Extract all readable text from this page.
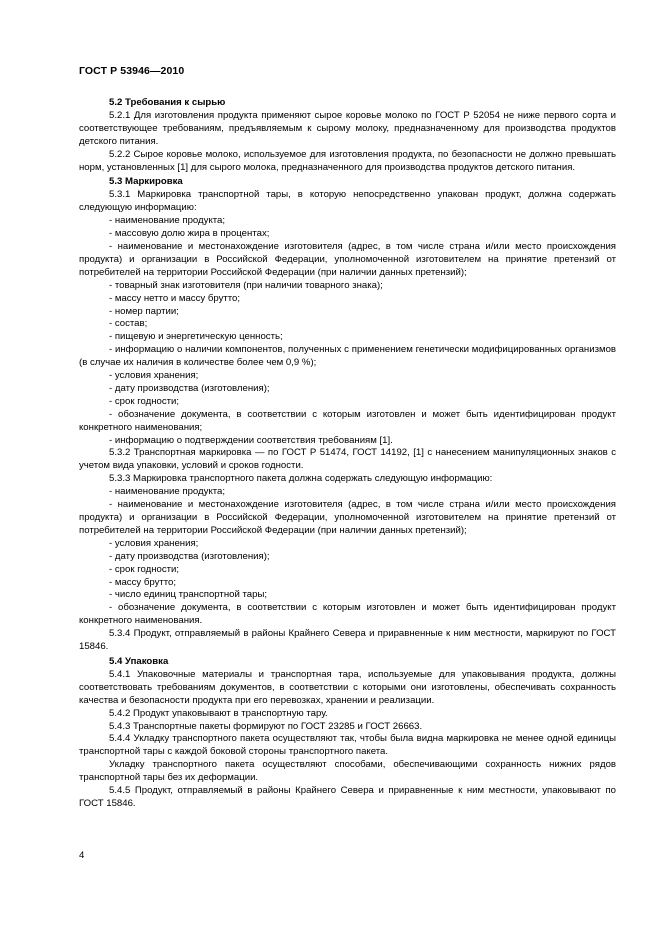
ГОСТ Р 53946—2010

5.2 Требования к сырью

5.2.1 Для изготовления продукта применяют сырое коровье молоко по ГОСТ Р 52054 не ниже первого сорта и соответствующее требованиям, предъявляемым к сырому молоку, предназначенному для производства продуктов детского питания.

5.2.2 Сырое коровье молоко, используемое для изготовления продукта, по безопасности не должно превышать норм, установленных [1] для сырого молока, предназначенного для производства продуктов детского питания.

5.3 Маркировка

5.3.1 Маркировка транспортной тары, в которую непосредственно упакован продукт, должна содержать следующую информацию:

- наименование продукта;

- массовую долю жира в процентах;

- наименование и местонахождение изготовителя (адрес, в том числе страна и/или место происхождения продукта) и организации в Российской Федерации, уполномоченной изготовителем на принятие претензий от потребителей на территории Российской Федерации (при наличии данных претензий);

- товарный знак изготовителя (при наличии товарного знака);

- массу нетто и массу брутто;

- номер партии;

- состав;

- пищевую и энергетическую ценность;

- информацию о наличии компонентов, полученных с применением генетически модифицированных организмов (в случае их наличия в количестве более чем 0,9 %);

- условия хранения;

- дату производства (изготовления);

- срок годности;

- обозначение документа, в соответствии с которым изготовлен и может быть идентифицирован продукт конкретного наименования;

- информацию о подтверждении соответствия требованиям [1].

5.3.2 Транспортная маркировка — по ГОСТ Р 51474, ГОСТ 14192, [1] с нанесением манипуляционных знаков с учетом вида упаковки, условий и сроков годности.

5.3.3 Маркировка транспортного пакета должна содержать следующую информацию:

- наименование продукта;

- наименование и местонахождение изготовителя (адрес, в том числе страна и/или место происхождения продукта) и организации в Российской Федерации, уполномоченной изготовителем на принятие претензий от потребителей на территории Российской Федерации (при наличии данных претензий);

- условия хранения;

- дату производства (изготовления);

- срок годности;

- массу брутто;

- число единиц транспортной тары;

- обозначение документа, в соответствии с которым изготовлен и может быть идентифицирован продукт конкретного наименования.

5.3.4 Продукт, отправляемый в районы Крайнего Севера и приравненные к ним местности, маркируют по ГОСТ 15846.

5.4 Упаковка

5.4.1 Упаковочные материалы и транспортная тара, используемые для упаковывания продукта, должны соответствовать требованиям документов, в соответствии с которыми они изготовлены, обеспечивать сохранность качества и безопасности продукта при его перевозках, хранении и реализации.

5.4.2 Продукт упаковывают в транспортную тару.

5.4.3 Транспортные пакеты формируют по ГОСТ 23285 и ГОСТ 26663.

5.4.4 Укладку транспортного пакета осуществляют так, чтобы была видна маркировка не менее одной единицы транспортной тары с каждой боковой стороны транспортного пакета.

Укладку транспортного пакета осуществляют способами, обеспечивающими сохранность нижних рядов транспортной тары без их деформации.

5.4.5 Продукт, отправляемый в районы Крайнего Севера и приравненные к ним местности, упаковывают по ГОСТ 15846.

4
